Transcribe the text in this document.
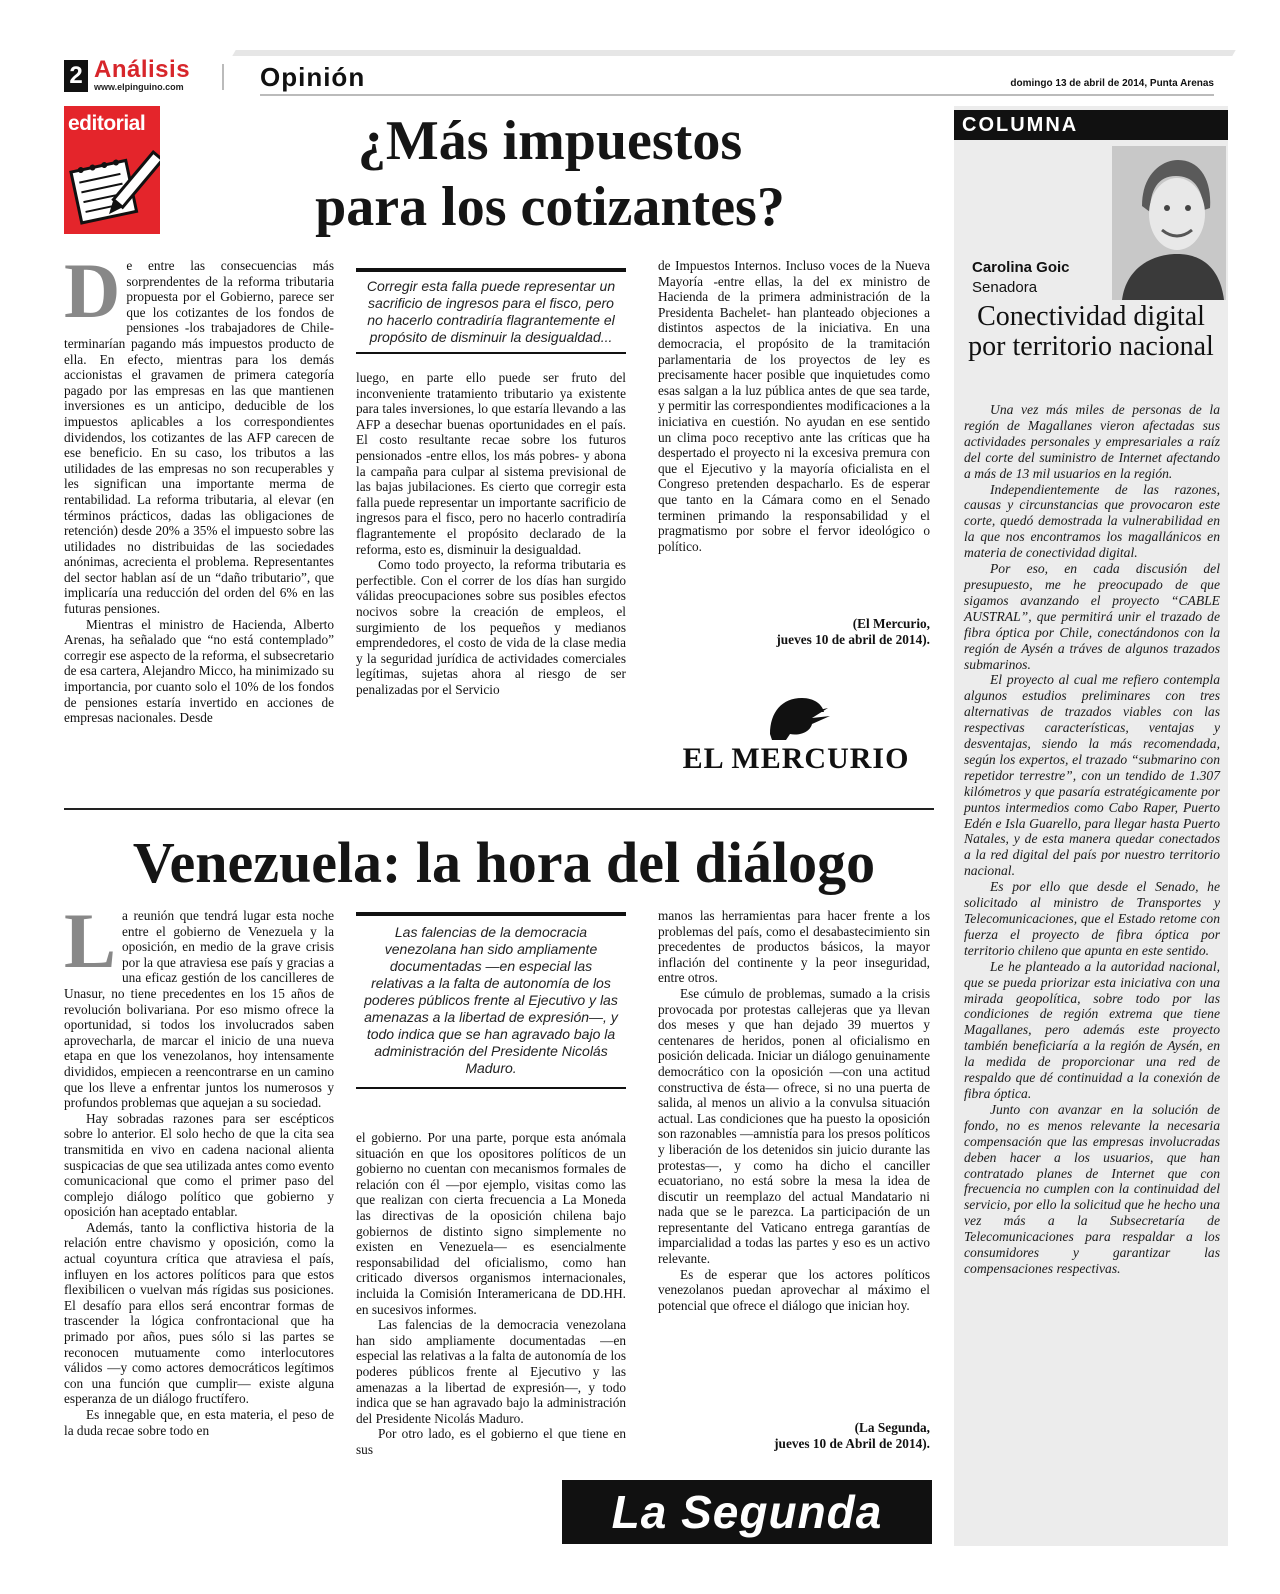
2 Análisis
www.elpinguino.com	Opinión	domingo 13 de abril de 2014, Punta Arenas
editorial	¿Más impuestos
para los cotizantes?
D e entre las consecuencias más sorprendentes de la reforma tributaria propuesta por el Gobierno, parece ser que los cotizantes de los fondos de pensiones -los trabajadores de Chile- terminarían pagando más impuestos producto de ella. En efecto, mientras para los demás accionistas el gravamen de primera categoría pagado por las empresas en las que mantienen inversiones es un anticipo, deducible de los impuestos aplicables a los correspondientes dividendos, los cotizantes de las AFP carecen de ese beneficio. En su caso, los tributos a las utilidades de las empresas no son recuperables y les significan una importante merma de rentabilidad. La reforma tributaria, al elevar (en términos prácticos, dadas las obligaciones de retención) desde 20% a 35% el impuesto sobre las utilidades no distribuidas de las sociedades anónimas, acrecienta el problema. Representantes del sector hablan así de un “daño tributario”, que implicaría una reducción del orden del 6% en las futuras pensiones.

Mientras el ministro de Hacienda, Alberto Arenas, ha señalado que “no está contemplado” corregir ese aspecto de la reforma, el subsecretario de esa cartera, Alejandro Micco, ha minimizado su importancia, por cuanto solo el 10% de los fondos de pensiones estaría invertido en acciones de empresas nacionales. Desde

Corregir esta falla puede representar un sacrificio de ingresos para el fisco, pero no hacerlo contradiría flagrantemente el propósito de disminuir la desigualdad...

luego, en parte ello puede ser fruto del inconveniente tratamiento tributario ya existente para tales inversiones, lo que estaría llevando a las AFP a desechar buenas oportunidades en el país. El costo resultante recae sobre los futuros pensionados -entre ellos, los más pobres- y abona la campaña para culpar al sistema previsional de las bajas jubilaciones. Es cierto que corregir esta falla puede representar un importante sacrificio de ingresos para el fisco, pero no hacerlo contradiría flagrantemente el propósito declarado de la reforma, esto es, disminuir la desigualdad.

Como todo proyecto, la reforma tributaria es perfectible. Con el correr de los días han surgido válidas preocupaciones sobre sus posibles efectos nocivos sobre la creación de empleos, el surgimiento de los pequeños y medianos emprendedores, el costo de vida de la clase media y la seguridad jurídica de actividades comerciales legítimas, sujetas ahora al riesgo de ser penalizadas por el Servicio

de Impuestos Internos. Incluso voces de la Nueva Mayoría -entre ellas, la del ex ministro de Hacienda de la primera administración de la Presidenta Bachelet- han planteado objeciones a distintos aspectos de la iniciativa. En una democracia, el propósito de la tramitación parlamentaria de los proyectos de ley es precisamente hacer posible que inquietudes como esas salgan a la luz pública antes de que sea tarde, y permitir las correspondientes modificaciones a la iniciativa en cuestión. No ayudan en ese sentido un clima poco receptivo ante las críticas que ha despertado el proyecto ni la excesiva premura con que el Ejecutivo y la mayoría oficialista en el Congreso pretenden despacharlo. Es de esperar que tanto en la Cámara como en el Senado terminen primando la responsabilidad y el pragmatismo por sobre el fervor ideológico o político.

(El Mercurio,
jueves 10 de abril de 2014).
EL MERCURIO
Venezuela: la hora del diálogo
L a reunión que tendrá lugar esta noche entre el gobierno de Venezuela y la oposición, en medio de la grave crisis por la que atraviesa ese país y gracias a una eficaz gestión de los cancilleres de Unasur, no tiene precedentes en los 15 años de revolución bolivariana. Por eso mismo ofrece la oportunidad, si todos los involucrados saben aprovecharla, de marcar el inicio de una nueva etapa en que los venezolanos, hoy intensamente divididos, empiecen a reencontrarse en un camino que los lleve a enfrentar juntos los numerosos y profundos problemas que aquejan a su sociedad.

Hay sobradas razones para ser escépticos sobre lo anterior. El solo hecho de que la cita sea transmitida en vivo en cadena nacional alienta suspicacias de que sea utilizada antes como evento comunicacional que como el primer paso del complejo diálogo político que gobierno y oposición han aceptado entablar.

Además, tanto la conflictiva historia de la relación entre chavismo y oposición, como la actual coyuntura crítica que atraviesa el país, influyen en los actores políticos para que estos flexibilicen o vuelvan más rígidas sus posiciones. El desafío para ellos será encontrar formas de trascender la lógica confrontacional que ha primado por años, pues sólo si las partes se reconocen mutuamente como interlocutores válidos —y como actores democráticos legítimos con una función que cumplir— existe alguna esperanza de un diálogo fructífero.

Es innegable que, en esta materia, el peso de la duda recae sobre todo en

Las falencias de la democracia venezolana han sido ampliamente documentadas —en especial las relativas a la falta de autonomía de los poderes públicos frente al Ejecutivo y las amenazas a la libertad de expresión—, y todo indica que se han agravado bajo la administración del Presidente Nicolás Maduro.

el gobierno. Por una parte, porque esta anómala situación en que los opositores políticos de un gobierno no cuentan con mecanismos formales de relación con él —por ejemplo, visitas como las que realizan con cierta frecuencia a La Moneda las directivas de la oposición chilena bajo gobiernos de distinto signo simplemente no existen en Venezuela— es esencialmente responsabilidad del oficialismo, como han criticado diversos organismos internacionales, incluida la Comisión Interamericana de DD.HH. en sucesivos informes.

Las falencias de la democracia venezolana han sido ampliamente documentadas —en especial las relativas a la falta de autonomía de los poderes públicos frente al Ejecutivo y las amenazas a la libertad de expresión—, y todo indica que se han agravado bajo la administración del Presidente Nicolás Maduro.

Por otro lado, es el gobierno el que tiene en sus

manos las herramientas para hacer frente a los problemas del país, como el desabastecimiento sin precedentes de productos básicos, la mayor inflación del continente y la peor inseguridad, entre otros.

Ese cúmulo de problemas, sumado a la crisis provocada por protestas callejeras que ya llevan dos meses y que han dejado 39 muertos y centenares de heridos, ponen al oficialismo en posición delicada. Iniciar un diálogo genuinamente democrático con la oposición —con una actitud constructiva de ésta— ofrece, si no una puerta de salida, al menos un alivio a la convulsa situación actual. Las condiciones que ha puesto la oposición son razonables —amnistía para los presos políticos y liberación de los detenidos sin juicio durante las protestas—, y como ha dicho el canciller ecuatoriano, no está sobre la mesa la idea de discutir un reemplazo del actual Mandatario ni nada que se le parezca. La participación de un representante del Vaticano entrega garantías de imparcialidad a todas las partes y eso es un activo relevante.

Es de esperar que los actores políticos venezolanos puedan aprovechar al máximo el potencial que ofrece el diálogo que inician hoy.

(La Segunda,
jueves 10 de Abril de 2014).
La Segunda
COLUMNA
Carolina Goic
Senadora
Conectividad digital por territorio nacional

Una vez más miles de personas de la región de Magallanes vieron afectadas sus actividades personales y empresariales a raíz del corte del suministro de Internet afectando a más de 13 mil usuarios en la región.

Independientemente de las razones, causas y circunstancias que provocaron este corte, quedó demostrada la vulnerabilidad en la que nos encontramos los magallánicos en materia de conectividad digital.

Por eso, en cada discusión del presupuesto, me he preocupado de que sigamos avanzando el proyecto “CABLE AUSTRAL”, que permitirá unir el trazado de fibra óptica por Chile, conectándonos con la región de Aysén a tráves de algunos trazados submarinos.

El proyecto al cual me refiero contempla algunos estudios preliminares con tres alternativas de trazados viables con las respectivas características, ventajas y desventajas, siendo la más recomendada, según los expertos, el trazado “submarino con repetidor terrestre”, con un tendido de 1.307 kilómetros y que pasaría estratégicamente por puntos intermedios como Cabo Raper, Puerto Edén e Isla Guarello, para llegar hasta Puerto Natales, y de esta manera quedar conectados a la red digital del país por nuestro territorio nacional.

Es por ello que desde el Senado, he solicitado al ministro de Transportes y Telecomunicaciones, que el Estado retome con fuerza el proyecto de fibra óptica por territorio chileno que apunta en este sentido.

Le he planteado a la autoridad nacional, que se pueda priorizar esta iniciativa con una mirada geopolítica, sobre todo por las condiciones de región extrema que tiene Magallanes, pero además este proyecto también beneficiaría a la región de Aysén, en la medida de proporcionar una red de respaldo que dé continuidad a la conexión de fibra óptica.

Junto con avanzar en la solución de fondo, no es menos relevante la necesaria compensación que las empresas involucradas deben hacer a los usuarios, que han contratado planes de Internet que con frecuencia no cumplen con la continuidad del servicio, por ello la solicitud que he hecho una vez más a la Subsecretaría de Telecomunicaciones para respaldar a los consumidores y garantizar las compensaciones respectivas.
